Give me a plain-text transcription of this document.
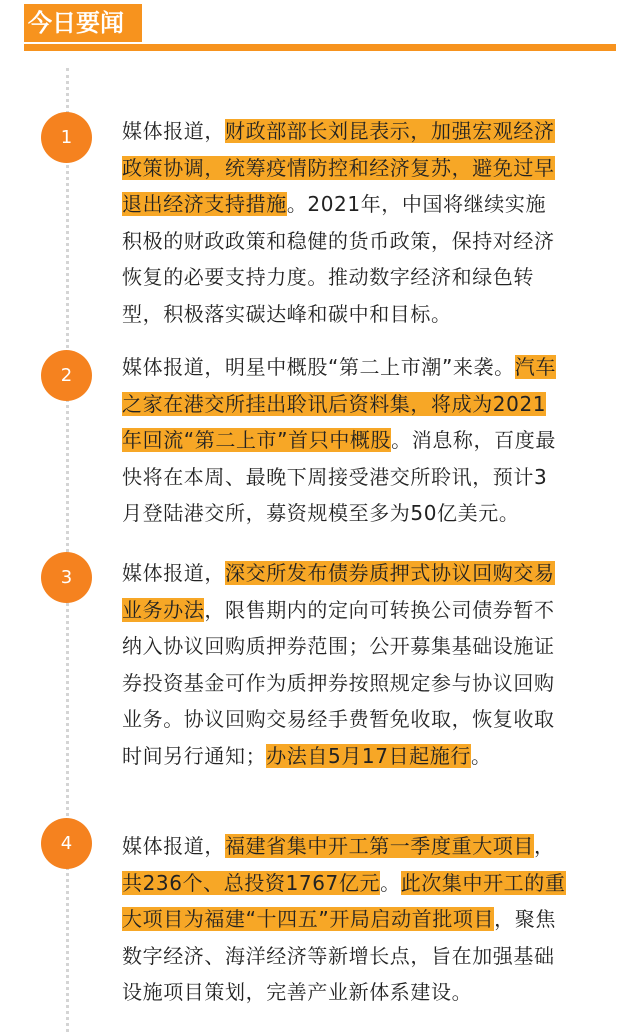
今日要闻
1	媒体报道，财政部部长刘昆表示，加强宏观经济
政策协调，统筹疫情防控和经济复苏，避免过早
退出经济支持措施。2021年，中国将继续实施
积极的财政政策和稳健的货币政策，保持对经济
恢复的必要支持力度。推动数字经济和绿色转
型，积极落实碳达峰和碳中和目标。
2	媒体报道，明星中概股“第二上市潮”来袭。汽车
之家在港交所挂出聆讯后资料集，将成为2021
年回流“第二上市”首只中概股。消息称，百度最
快将在本周、最晚下周接受港交所聆讯，预计3
月登陆港交所，募资规模至多为50亿美元。
3	媒体报道，深交所发布债券质押式协议回购交易
业务办法，限售期内的定向可转换公司债券暂不
纳入协议回购质押券范围；公开募集基础设施证
券投资基金可作为质押券按照规定参与协议回购
业务。协议回购交易经手费暂免收取，恢复收取
时间另行通知；办法自5月17日起施行。
4	媒体报道，福建省集中开工第一季度重大项目，
共236个、总投资1767亿元。此次集中开工的重
大项目为福建“十四五”开局启动首批项目，聚焦
数字经济、海洋经济等新增长点，旨在加强基础
设施项目策划，完善产业新体系建设。
